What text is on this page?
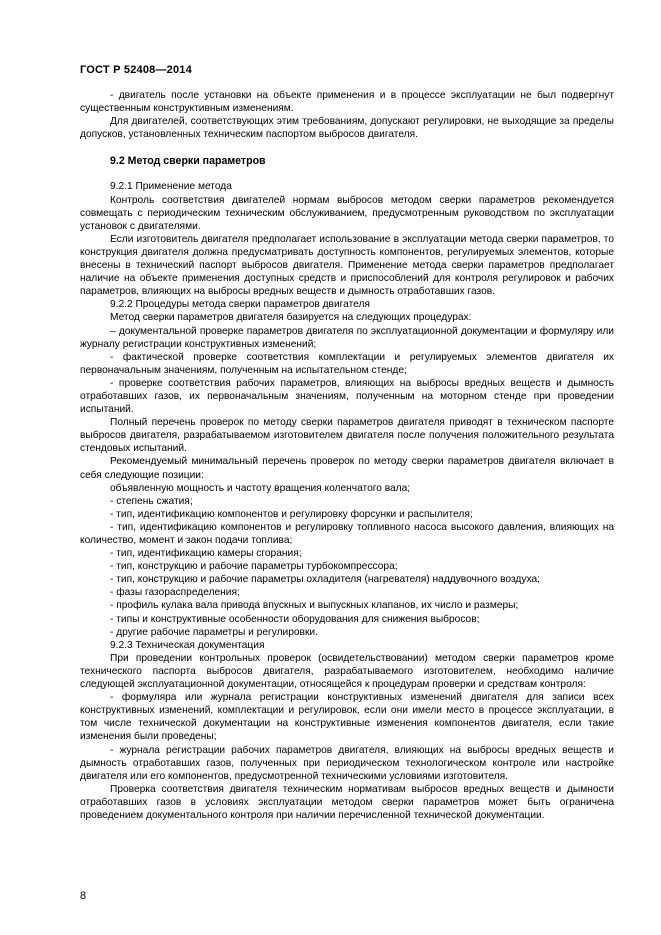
ГОСТ Р 52408—2014

- двигатель после установки на объекте применения и в процессе эксплуатации не был подвергнут существенным конструктивным изменениям.

Для двигателей, соответствующих этим требованиям, допускают регулировки, не выходящие за пределы допусков, установленных техническим паспортом выбросов двигателя.

9.2 Метод сверки параметров

9.2.1 Применение метода

Контроль соответствия двигателей нормам выбросов методом сверки параметров рекомендуется совмещать с периодическим техническим обслуживанием, предусмотренным руководством по эксплуатации установок с двигателями.

Если изготовитель двигателя предполагает использование в эксплуатации метода сверки параметров, то конструкция двигателя должна предусматривать доступность компонентов, регулируемых элементов, которые внесены в технический паспорт выбросов двигателя. Применение метода сверки параметров предполагает наличие на объекте применения доступных средств и приспособлений для контроля регулировок и рабочих параметров, влияющих на выбросы вредных веществ и дымность отработавших газов.

9.2.2 Процедуры метода сверки параметров двигателя

Метод сверки параметров двигателя базируется на следующих процедурах:

– документальной проверке параметров двигателя по эксплуатационной документации и формуляру или журналу регистрации конструктивных изменений;

- фактической проверке соответствия комплектации и регулируемых элементов двигателя их первоначальным значениям, полученным на испытательном стенде;

- проверке соответствия рабочих параметров, влияющих на выбросы вредных веществ и дымность отработавших газов, их первоначальным значениям, полученным на моторном стенде при проведении испытаний.

Полный перечень проверок по методу сверки параметров двигателя приводят в техническом паспорте выбросов двигателя, разрабатываемом изготовителем двигателя после получения положительного результата стендовых испытаний.

Рекомендуемый минимальный перечень проверок по методу сверки параметров двигателя включает в себя следующие позиции:

объявленную мощность и частоту вращения коленчатого вала;

- степень сжатия;

- тип, идентификацию компонентов и регулировку форсунки и распылителя;

- тип, идентификацию компонентов и регулировку топливного насоса высокого давления, влияющих на количество, момент и закон подачи топлива;

- тип, идентификацию камеры сгорания;

- тип, конструкцию и рабочие параметры турбокомпрессора;

- тип, конструкцию и рабочие параметры охладителя (нагревателя) наддувочного воздуха;

- фазы газораспределения;

- профиль кулака вала привода впускных и выпускных клапанов, их число и размеры;

- типы и конструктивные особенности оборудования для снижения выбросов;

- другие рабочие параметры и регулировки.

9.2.3 Техническая документация

При проведении контрольных проверок (освидетельствовании) методом сверки параметров кроме технического паспорта выбросов двигателя, разрабатываемого изготовителем, необходимо наличие следующей эксплуатационной документации, относящейся к процедурам проверки и средствам контроля:

- формуляра или журнала регистрации конструктивных изменений двигателя для записи всех конструктивных изменений, комплектации и регулировок, если они имели место в процессе эксплуатации, в том числе технической документации на конструктивные изменения компонентов двигателя, если такие изменения были проведены;

- журнала регистрации рабочих параметров двигателя, влияющих на выбросы вредных веществ и дымность отработавших газов, полученных при периодическом технологическом контроле или настройке двигателя или его компонентов, предусмотренной техническими условиями изготовителя.

Проверка соответствия двигателя техническим нормативам выбросов вредных веществ и дымности отработавших газов в условиях эксплуатации методом сверки параметров может быть ограничена проведением документального контроля при наличии перечисленной технической документации.

8
